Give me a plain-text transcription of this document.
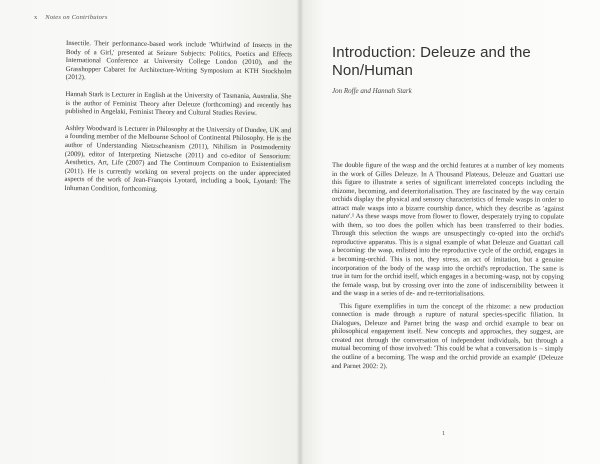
x Notes on Contributors

Insectile. Their performance-based work include 'Whirlwind of Insects in the Body of a Girl,' presented at Seizure Subjects: Politics, Poetics and Effects International Conference at University College London (2010), and the Grasshopper Cabaret for Architecture-Writing Symposium at KTH Stockholm (2012).

Hannah Stark is Lecturer in English at the University of Tasmania, Australia. She is the author of Feminist Theory after Deleuze (forthcoming) and recently has published in Angelaki, Feminist Theory and Cultural Studies Review.

Ashley Woodward is Lecturer in Philosophy at the University of Dundee, UK and a founding member of the Melbourne School of Continental Philosophy. He is the author of Understanding Nietzscheanism (2011), Nihilism in Postmodernity (2009), editor of Interpreting Nietzsche (2011) and co-editor of Sensorium: Aesthetics, Art, Life (2007) and The Continuum Companion to Existentialism (2011). He is currently working on several projects on the under appreciated aspects of the work of Jean-François Lyotard, including a book, Lyotard: The Inhuman Condition, forthcoming.

Introduction: Deleuze and the
Non/Human
Jon Roffe and Hannah Stark

The double figure of the wasp and the orchid features at a number of key moments in the work of Gilles Deleuze. In A Thousand Plateaus, Deleuze and Guattari use this figure to illustrate a series of significant interrelated concepts including the rhizome, becoming, and deterritorialisation. They are fascinated by the way certain orchids display the physical and sensory characteristics of female wasps in order to attract male wasps into a bizarre courtship dance, which they describe as 'against nature'.¹ As these wasps move from flower to flower, desperately trying to copulate with them, so too does the pollen which has been transferred to their bodies. Through this selection the wasps are unsuspectingly co-opted into the orchid's reproductive apparatus. This is a signal example of what Deleuze and Guattari call a becoming: the wasp, enlisted into the reproductive cycle of the orchid, engages in a becoming-orchid. This is not, they stress, an act of imitation, but a genuine incorporation of the body of the wasp into the orchid's reproduction. The same is true in turn for the orchid itself, which engages in a becoming-wasp, not by copying the female wasp, but by crossing over into the zone of indiscernibility between it and the wasp in a series of de- and re-territorialisations.

This figure exemplifies in turn the concept of the rhizome: a new production connection is made through a rupture of natural species-specific filiation. In Dialogues, Deleuze and Parnet bring the wasp and orchid example to bear on philosophical engagement itself. New concepts and approaches, they suggest, are created not through the conversation of independent individuals, but through a mutual becoming of those involved: 'This could be what a conversation is – simply the outline of a becoming. The wasp and the orchid provide an example' (Deleuze and Parnet 2002: 2).

1
